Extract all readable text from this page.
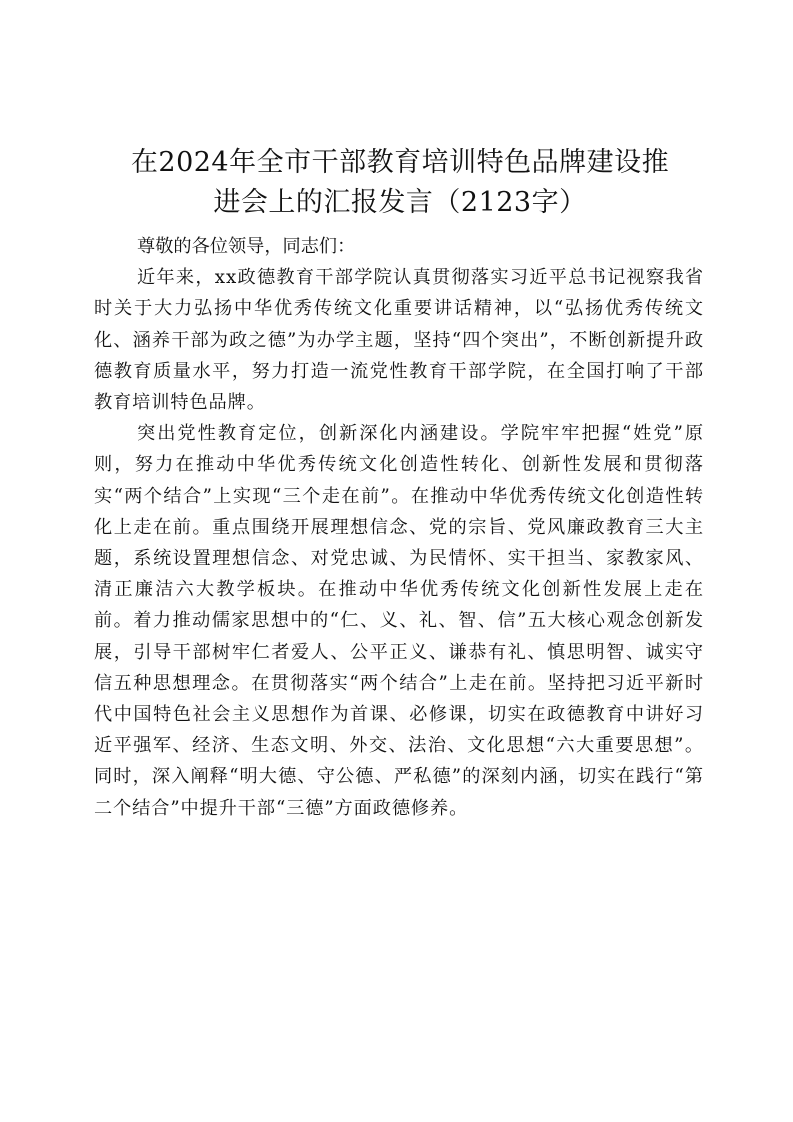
在2024年全市干部教育培训特色品牌建设推
进会上的汇报发言（2123字）

尊敬的各位领导，同志们：

近年来，xx政德教育干部学院认真贯彻落实习近平总书记视察我省时关于大力弘扬中华优秀传统文化重要讲话精神，以“弘扬优秀传统文化、涵养干部为政之德”为办学主题，坚持“四个突出”，不断创新提升政德教育质量水平，努力打造一流党性教育干部学院，在全国打响了干部教育培训特色品牌。

突出党性教育定位，创新深化内涵建设。学院牢牢把握“姓党”原则，努力在推动中华优秀传统文化创造性转化、创新性发展和贯彻落实“两个结合”上实现“三个走在前”。在推动中华优秀传统文化创造性转化上走在前。重点围绕开展理想信念、党的宗旨、党风廉政教育三大主题，系统设置理想信念、对党忠诚、为民情怀、实干担当、家教家风、清正廉洁六大教学板块。在推动中华优秀传统文化创新性发展上走在前。着力推动儒家思想中的“仁、义、礼、智、信”五大核心观念创新发展，引导干部树牢仁者爱人、公平正义、谦恭有礼、慎思明智、诚实守信五种思想理念。在贯彻落实“两个结合”上走在前。坚持把习近平新时代中国特色社会主义思想作为首课、必修课，切实在政德教育中讲好习近平强军、经济、生态文明、外交、法治、文化思想“六大重要思想”。同时，深入阐释“明大德、守公德、严私德”的深刻内涵，切实在践行“第二个结合”中提升干部“三德”方面政德修养。
